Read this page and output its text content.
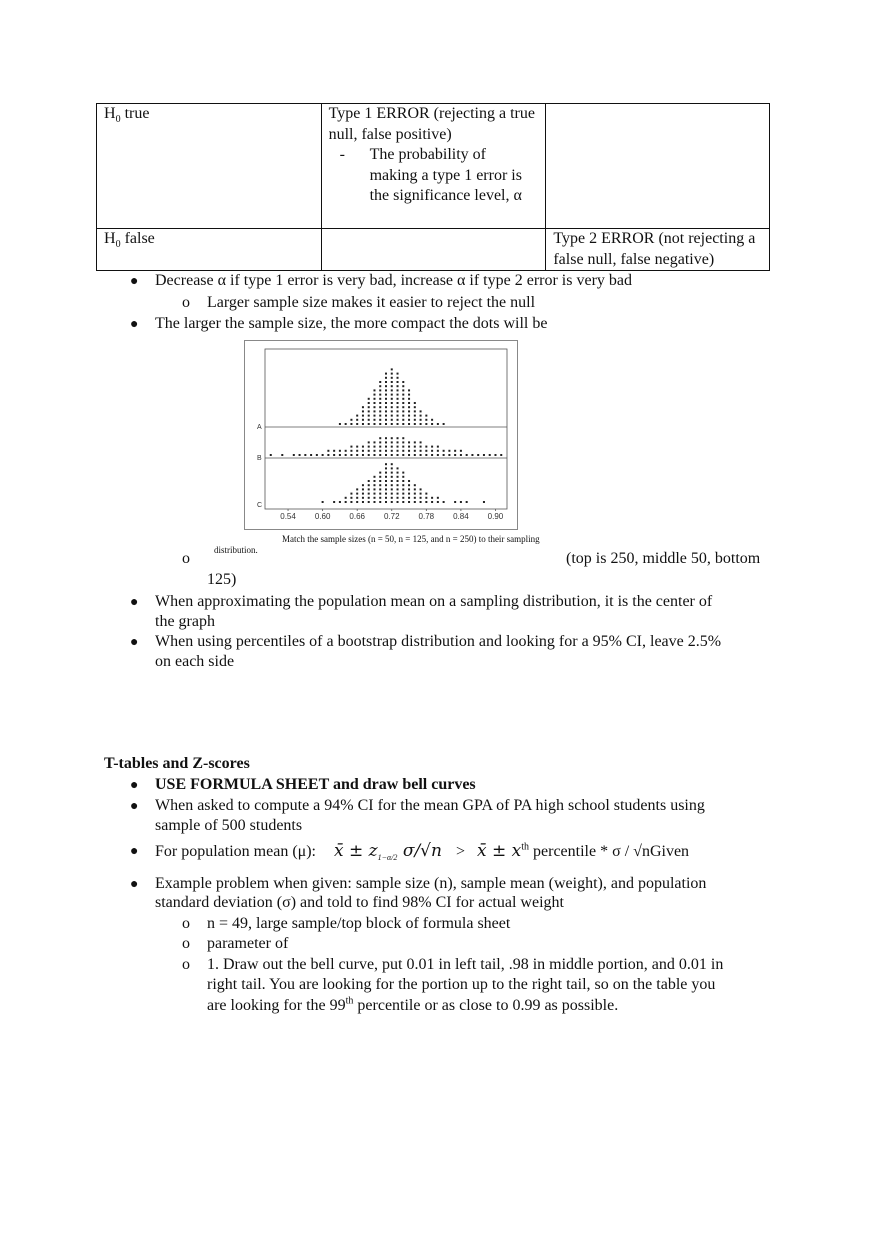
$H_0$ true	Type 1 ERROR (rejecting a true null, false positive)
- The probability of making a type 1 error is the significance level, α	

$H_0$ false		Type 2 ERROR (not rejecting a false null, false negative)
● Decrease α if type 1 error is very bad, increase α if type 2 error is very bad
o Larger sample size makes it easier to reject the null
● The larger the sample size, the more compact the dots will be
A
B
C
0.54 0.60 0.66 0.72 0.78 0.84 0.90
Match the sample sizes (n = 50, n = 125, and n = 250) to their sampling
distribution.
o	(top is 250, middle 50, bottom
125)
● When approximating the population mean on a sampling distribution, it is the center of
the graph
● When using percentiles of a bootstrap distribution and looking for a 95% CI, leave 2.5%
on each side
T-tables and Z-scores
● USE FORMULA SHEET and draw bell curves
● When asked to compute a 94% CI for the mean GPA of PA high school students using
sample of 500 students
● For population mean (μ): x̄ ± $z_{1-\alpha/2}$ σ/√n > x̄ ± $x^{th}$ percentile * σ / √nGiven
● Example problem when given: sample size (n), sample mean (weight), and population
standard deviation (σ) and told to find 98% CI for actual weight
o n = 49, large sample/top block of formula sheet
o parameter of
o 1. Draw out the bell curve, put 0.01 in left tail, .98 in middle portion, and 0.01 in
right tail. You are looking for the portion up to the right tail, so on the table you
are looking for the 99th percentile or as close to 0.99 as possible.
